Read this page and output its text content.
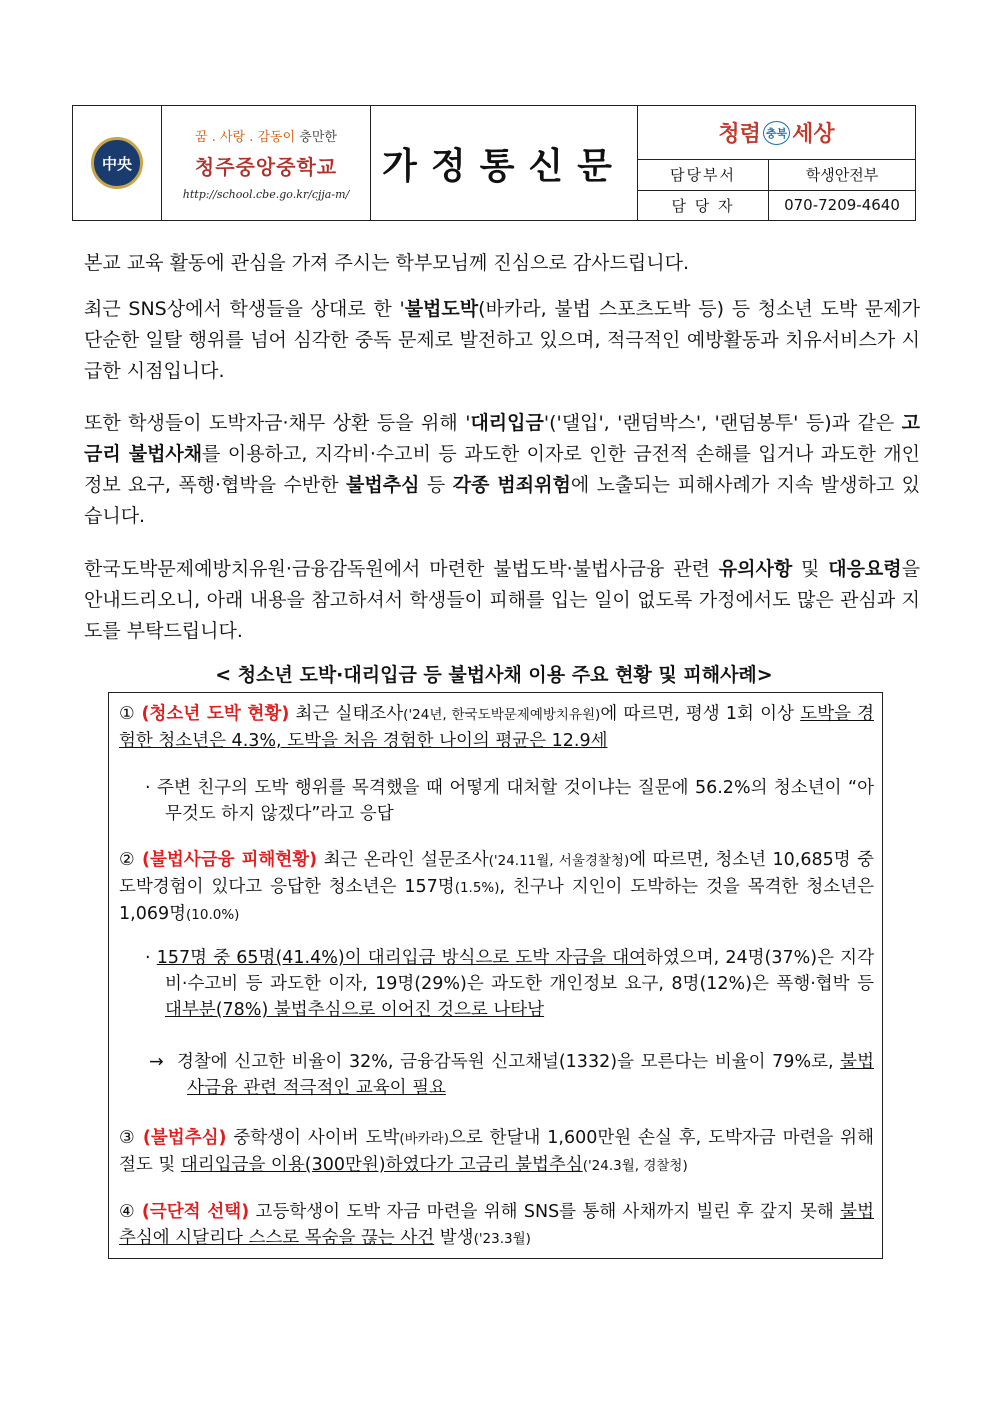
中央
꿈 . 사랑 . 감동이 충만한
청주중앙중학교
http://school.cbe.go.kr/cjja-m/
가정통신문
청렴 충북 세상
담당부서	학생안전부
담 당 자	070-7209-4640
본교 교육 활동에 관심을 가져 주시는 학부모님께 진심으로 감사드립니다.
최근 SNS상에서 학생들을 상대로 한 '불법도박(바카라, 불법 스포츠도박 등) 등 청소년 도박 문제가 단순한 일탈 행위를 넘어 심각한 중독 문제로 발전하고 있으며, 적극적인 예방활동과 치유서비스가 시급한 시점입니다.
또한 학생들이 도박자금·채무 상환 등을 위해 '대리입금'('댈입', '랜덤박스', '랜덤봉투' 등)과 같은 고금리 불법사채를 이용하고, 지각비·수고비 등 과도한 이자로 인한 금전적 손해를 입거나 과도한 개인정보 요구, 폭행·협박을 수반한 불법추심 등 각종 범죄위험에 노출되는 피해사례가 지속 발생하고 있습니다.
한국도박문제예방치유원·금융감독원에서 마련한 불법도박·불법사금융 관련 유의사항 및 대응요령을 안내드리오니, 아래 내용을 참고하셔서 학생들이 피해를 입는 일이 없도록 가정에서도 많은 관심과 지도를 부탁드립니다.
< 청소년 도박·대리입금 등 불법사채 이용 주요 현황 및 피해사례>
① (청소년 도박 현황) 최근 실태조사('24년, 한국도박문제예방치유원)에 따르면, 평생 1회 이상 도박을 경험한 청소년은 4.3%, 도박을 처음 경험한 나이의 평균은 12.9세
· 주변 친구의 도박 행위를 목격했을 때 어떻게 대처할 것이냐는 질문에 56.2%의 청소년이 “아무것도 하지 않겠다”라고 응답
② (불법사금융 피해현황) 최근 온라인 설문조사('24.11월, 서울경찰청)에 따르면, 청소년 10,685명 중 도박경험이 있다고 응답한 청소년은 157명(1.5%), 친구나 지인이 도박하는 것을 목격한 청소년은 1,069명(10.0%)
· 157명 중 65명(41.4%)이 대리입금 방식으로 도박 자금을 대여하였으며, 24명(37%)은 지각비·수고비 등 과도한 이자, 19명(29%)은 과도한 개인정보 요구, 8명(12%)은 폭행·협박 등 대부분(78%) 불법추심으로 이어진 것으로 나타남
→ 경찰에 신고한 비율이 32%, 금융감독원 신고채널(1332)을 모른다는 비율이 79%로, 불법사금융 관련 적극적인 교육이 필요
③ (불법추심) 중학생이 사이버 도박(바카라)으로 한달내 1,600만원 손실 후, 도박자금 마련을 위해 절도 및 대리입금을 이용(300만원)하였다가 고금리 불법추심('24.3월, 경찰청)
④ (극단적 선택) 고등학생이 도박 자금 마련을 위해 SNS를 통해 사채까지 빌린 후 갚지 못해 불법추심에 시달리다 스스로 목숨을 끊는 사건 발생('23.3월)
